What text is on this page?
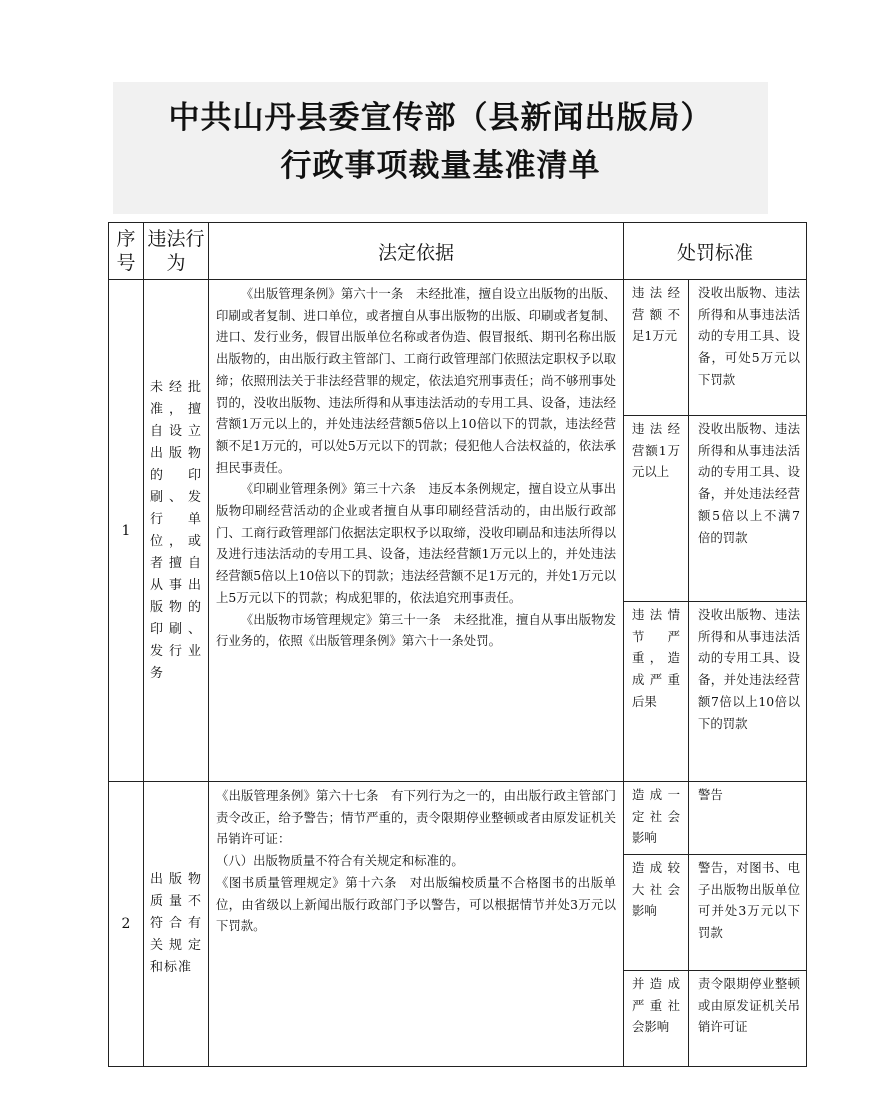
中共山丹县委宣传部（县新闻出版局）
行政事项裁量基准清单
序号	违法行为	法定依据	处罚标准	
1	未经批准，擅自设立出版物的印刷、发行单位，或者擅自从事出版物的印刷、发行业务	《出版管理条例》第六十一条　未经批准，擅自设立出版物的出版、印刷或者复制、进口单位，或者擅自从事出版物的出版、印刷或者复制、进口、发行业务，假冒出版单位名称或者伪造、假冒报纸、期刊名称出版出版物的，由出版行政主管部门、工商行政管理部门依照法定职权予以取缔；依照刑法关于非法经营罪的规定，依法追究刑事责任；尚不够刑事处罚的，没收出版物、违法所得和从事违法活动的专用工具、设备，违法经营额1万元以上的，并处违法经营额5倍以上10倍以下的罚款，违法经营额不足1万元的，可以处5万元以下的罚款；侵犯他人合法权益的，依法承担民事责任。

《印刷业管理条例》第三十六条　违反本条例规定，擅自设立从事出版物印刷经营活动的企业或者擅自从事印刷经营活动的，由出版行政部门、工商行政管理部门依据法定职权予以取缔，没收印刷品和违法所得以及进行违法活动的专用工具、设备，违法经营额1万元以上的，并处违法经营额5倍以上10倍以下的罚款；违法经营额不足1万元的，并处1万元以上5万元以下的罚款；构成犯罪的，依法追究刑事责任。

《出版物市场管理规定》第三十一条　未经批准，擅自从事出版物发行业务的，依照《出版管理条例》第六十一条处罚。	违法经营额不足1万元	没收出版物、违法所得和从事违法活动的专用工具、设备，可处5万元以下罚款
			违法经营额1万元以上	没收出版物、违法所得和从事违法活动的专用工具、设备，并处违法经营额5倍以上不满7倍的罚款
			违法情节严重，造成严重后果	没收出版物、违法所得和从事违法活动的专用工具、设备，并处违法经营额7倍以上10倍以下的罚款
2	出版物质量不符合有关规定和标准	《出版管理条例》第六十七条　有下列行为之一的，由出版行政主管部门责令改正，给予警告；情节严重的，责令限期停业整顿或者由原发证机关吊销许可证：

（八）出版物质量不符合有关规定和标准的。

《图书质量管理规定》第十六条　对出版编校质量不合格图书的出版单位，由省级以上新闻出版行政部门予以警告，可以根据情节并处3万元以下罚款。	造成一定社会影响	警告
			造成较大社会影响	警告，对图书、电子出版物出版单位可并处3万元以下罚款
			并造成严重社会影响	责令限期停业整顿或由原发证机关吊销许可证
